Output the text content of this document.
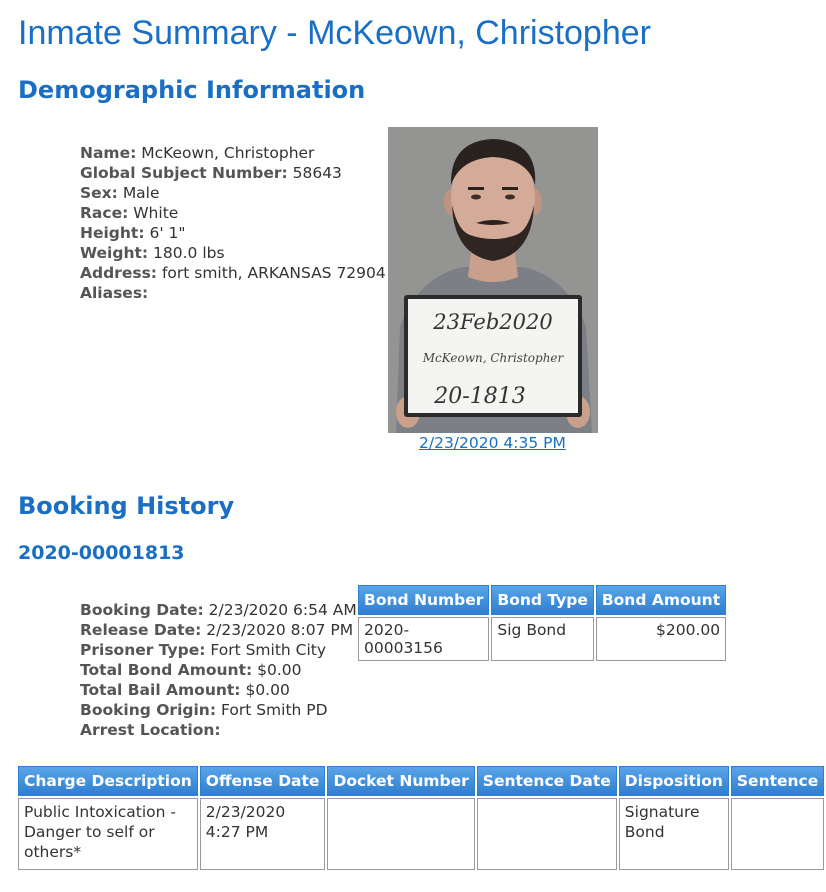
Inmate Summary - McKeown, Christopher
Demographic Information
Name: McKeown, Christopher
Global Subject Number: 58643
Sex: Male
Race: White
Height: 6' 1"
Weight: 180.0 lbs
Address: fort smith, ARKANSAS 72904
Aliases:
23Feb2020
McKeown, Christopher
20-1813
2/23/2020 4:35 PM
Booking History
2020-00001813
Booking Date: 2/23/2020 6:54 AM
Release Date: 2/23/2020 8:07 PM
Prisoner Type: Fort Smith City
Total Bond Amount: $0.00
Total Bail Amount: $0.00
Booking Origin: Fort Smith PD
Arrest Location:
Bond Number	Bond Type	Bond Amount
2020-00003156	Sig Bond	$200.00
Charge Description	Offense Date	Docket Number	Sentence Date	Disposition	Sentence
Public Intoxication - Danger to self or others*	2/23/2020 4:27 PM			Signature Bond	
